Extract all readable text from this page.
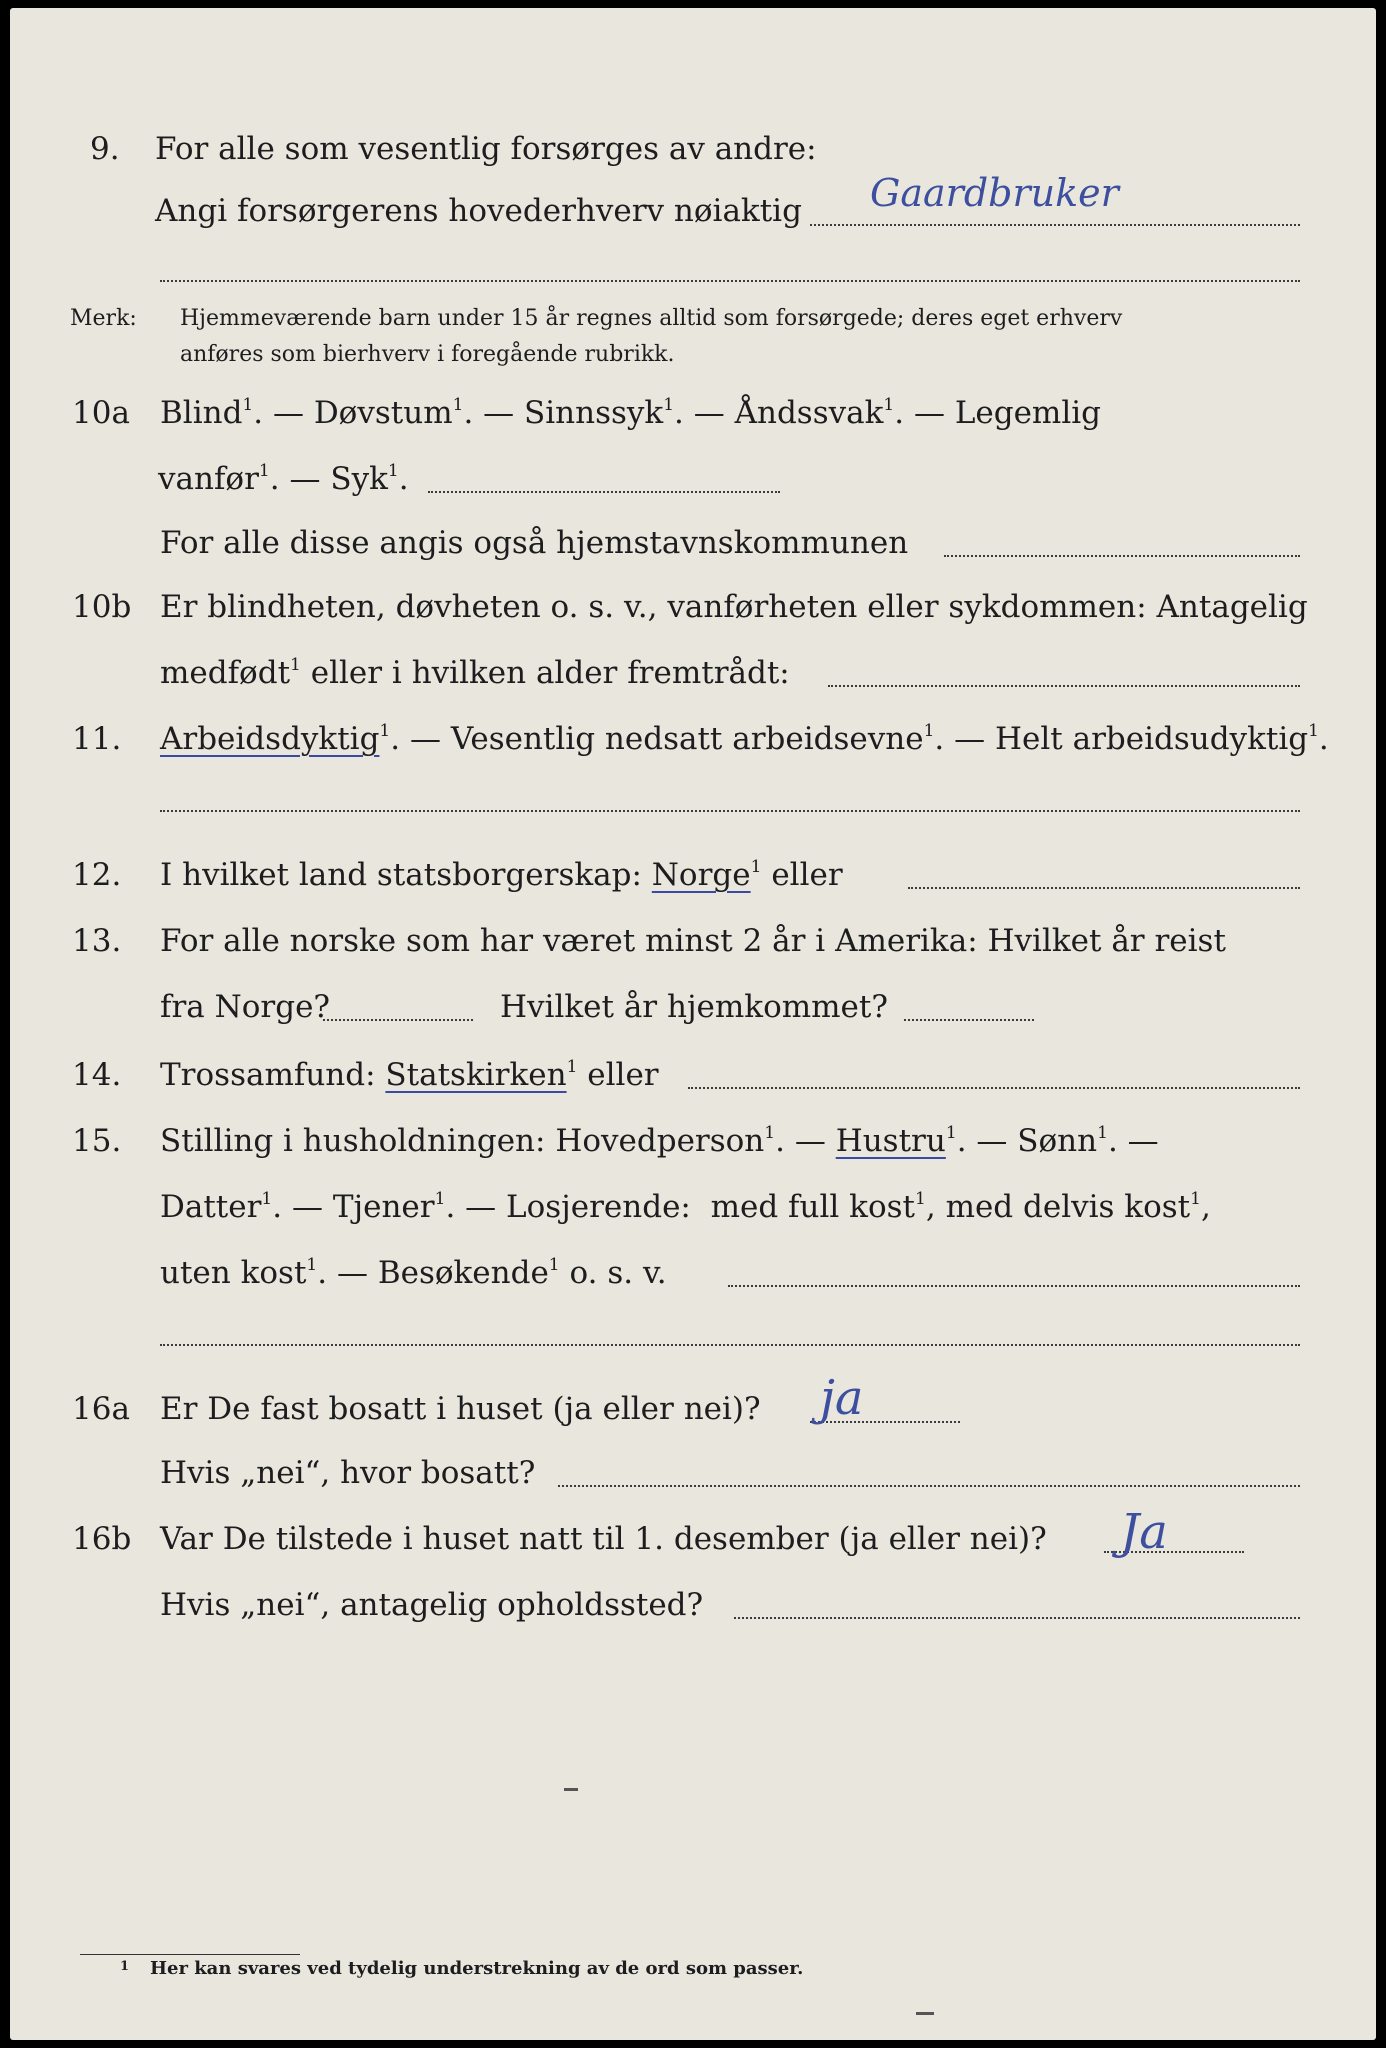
9. For alle som vesentlig forsørges av andre:
Angi forsørgerens hovederhverv nøiaktig Gaardbruker
Merk: Hjemmeværende barn under 15 år regnes alltid som forsørgede; deres eget erhverv
anføres som bierhverv i foregående rubrikk.
10a Blind$^1$. — Døvstum$^1$. — Sinnssyk$^1$. — Åndssvak$^1$. — Legemlig
vanfør$^1$. — Syk$^1$.
For alle disse angis også hjemstavnskommunen
10b Er blindheten, døvheten o. s. v., vanførheten eller sykdommen: Antagelig
medfødt$^1$ eller i hvilken alder fremtrådt:
11. Arbeidsdyktig$^1$. — Vesentlig nedsatt arbeidsevne$^1$. — Helt arbeidsudyktig$^1$.
12. I hvilket land statsborgerskap: Norge$^1$ eller
13. For alle norske som har været minst 2 år i Amerika: Hvilket år reist
fra Norge?	Hvilket år hjemkommet?
14. Trossamfund: Statskirken$^1$ eller
15. Stilling i husholdningen: Hovedperson$^1$. — Hustru$^1$. — Sønn$^1$. —
Datter$^1$. — Tjener$^1$. — Losjerende: med full kost$^1$, med delvis kost$^1$,
uten kost$^1$. — Besøkende$^1$ o. s. v.
16a Er De fast bosatt i huset (ja eller nei)? ja
Hvis „nei“, hvor bosatt?
16b Var De tilstede i huset natt til 1. desember (ja eller nei)? Ja
Hvis „nei“, antagelig opholdssted?
1 Her kan svares ved tydelig understrekning av de ord som passer.
